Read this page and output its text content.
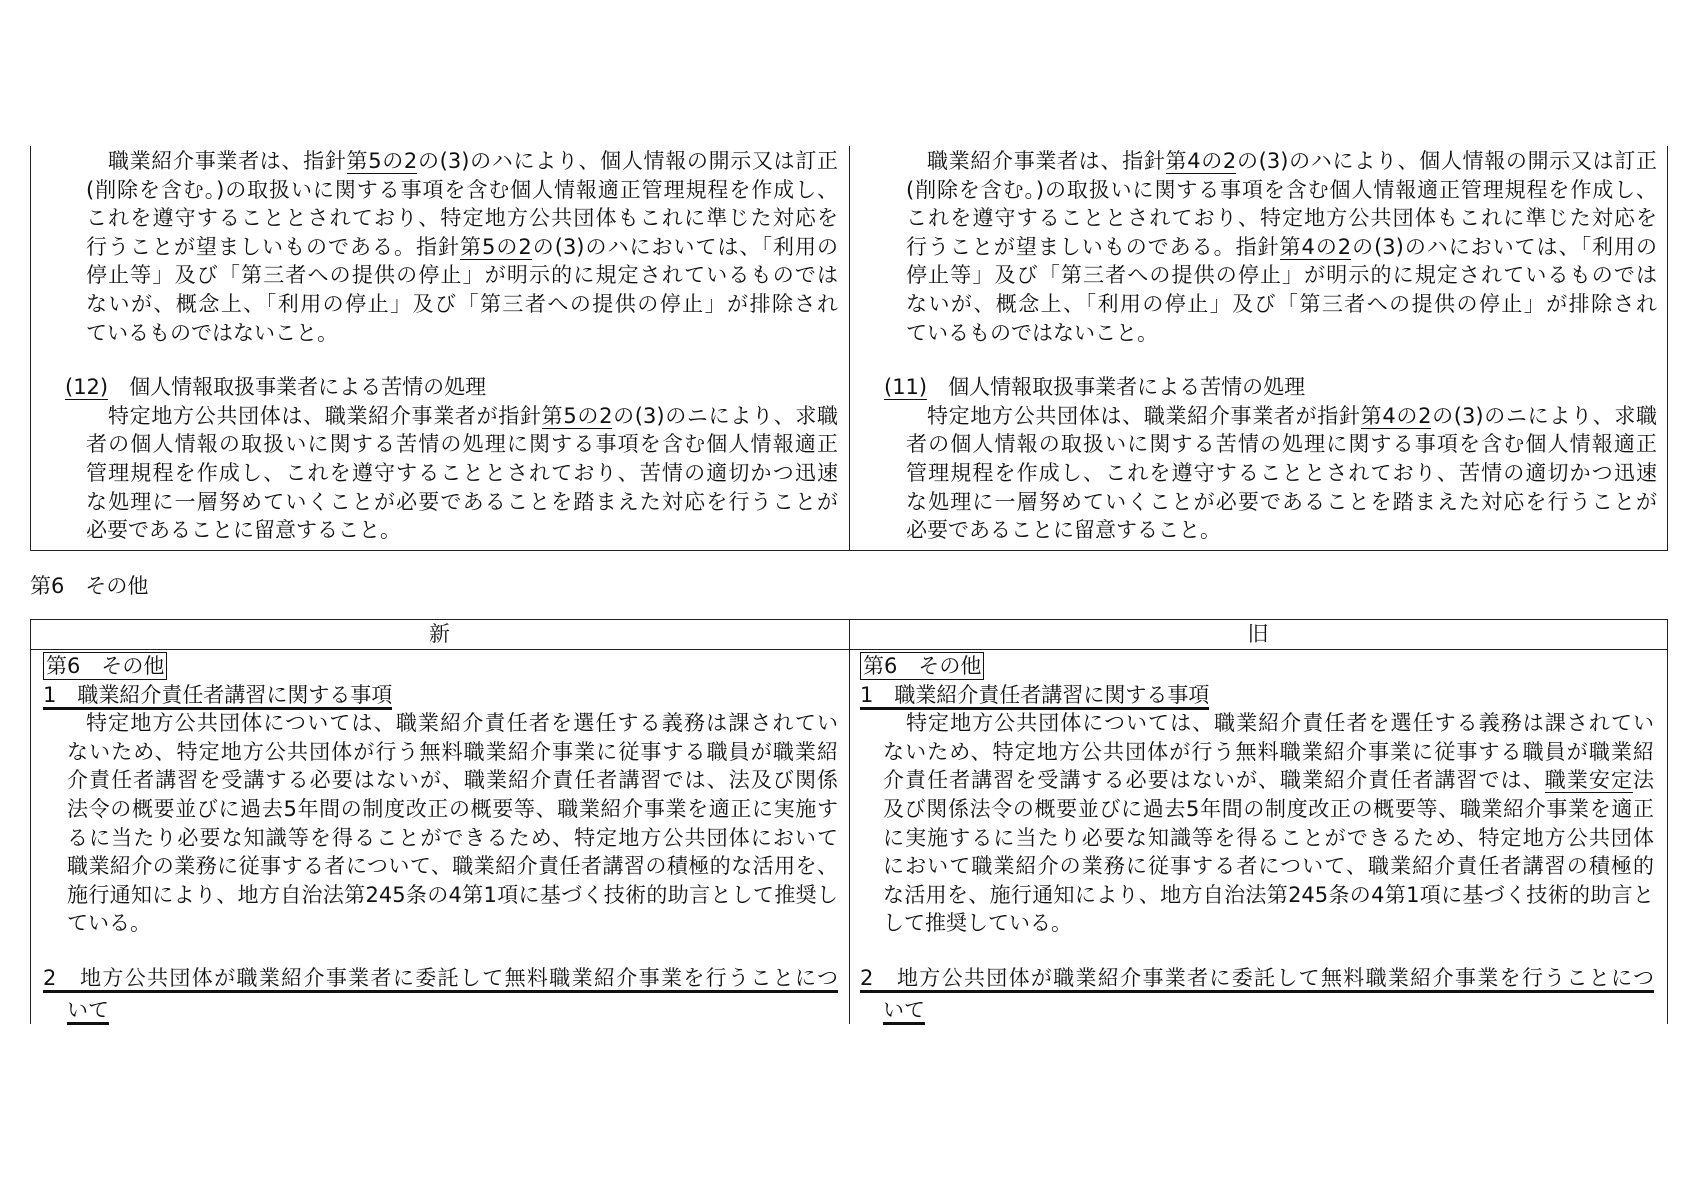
職業紹介事業者は、指針第5の2の(3)のハにより、個人情報の開示又は訂正
(削除を含む。)の取扱いに関する事項を含む個人情報適正管理規程を作成し、
これを遵守することとされており、特定地方公共団体もこれに準じた対応を
行うことが望ましいものである。指針第5の2の(3)のハにおいては、「利用の
停止等」及び「第三者への提供の停止」が明示的に規定されているものでは
ないが、概念上、「利用の停止」及び「第三者への提供の停止」が排除され
ているものではないこと。
(12)　個人情報取扱事業者による苦情の処理
特定地方公共団体は、職業紹介事業者が指針第5の2の(3)のニにより、求職
者の個人情報の取扱いに関する苦情の処理に関する事項を含む個人情報適正
管理規程を作成し、これを遵守することとされており、苦情の適切かつ迅速
な処理に一層努めていくことが必要であることを踏まえた対応を行うことが
必要であることに留意すること。
職業紹介事業者は、指針第4の2の(3)のハにより、個人情報の開示又は訂正
(削除を含む。)の取扱いに関する事項を含む個人情報適正管理規程を作成し、
これを遵守することとされており、特定地方公共団体もこれに準じた対応を
行うことが望ましいものである。指針第4の2の(3)のハにおいては、「利用の
停止等」及び「第三者への提供の停止」が明示的に規定されているものでは
ないが、概念上、「利用の停止」及び「第三者への提供の停止」が排除され
ているものではないこと。
(11)　個人情報取扱事業者による苦情の処理
特定地方公共団体は、職業紹介事業者が指針第4の2の(3)のニにより、求職
者の個人情報の取扱いに関する苦情の処理に関する事項を含む個人情報適正
管理規程を作成し、これを遵守することとされており、苦情の適切かつ迅速
な処理に一層努めていくことが必要であることを踏まえた対応を行うことが
必要であることに留意すること。
第6　その他
新	旧
第6　その他
1　職業紹介責任者講習に関する事項
特定地方公共団体については、職業紹介責任者を選任する義務は課されてい
ないため、特定地方公共団体が行う無料職業紹介事業に従事する職員が職業紹
介責任者講習を受講する必要はないが、職業紹介責任者講習では、法及び関係
法令の概要並びに過去5年間の制度改正の概要等、職業紹介事業を適正に実施す
るに当たり必要な知識等を得ることができるため、特定地方公共団体において
職業紹介の業務に従事する者について、職業紹介責任者講習の積極的な活用を、
施行通知により、地方自治法第245条の4第1項に基づく技術的助言として推奨し
ている。
2　地方公共団体が職業紹介事業者に委託して無料職業紹介事業を行うことにつ
いて
第6　その他
1　職業紹介責任者講習に関する事項
特定地方公共団体については、職業紹介責任者を選任する義務は課されてい
ないため、特定地方公共団体が行う無料職業紹介事業に従事する職員が職業紹
介責任者講習を受講する必要はないが、職業紹介責任者講習では、職業安定法
及び関係法令の概要並びに過去5年間の制度改正の概要等、職業紹介事業を適正
に実施するに当たり必要な知識等を得ることができるため、特定地方公共団体
において職業紹介の業務に従事する者について、職業紹介責任者講習の積極的
な活用を、施行通知により、地方自治法第245条の4第1項に基づく技術的助言と
して推奨している。
2　地方公共団体が職業紹介事業者に委託して無料職業紹介事業を行うことにつ
いて
